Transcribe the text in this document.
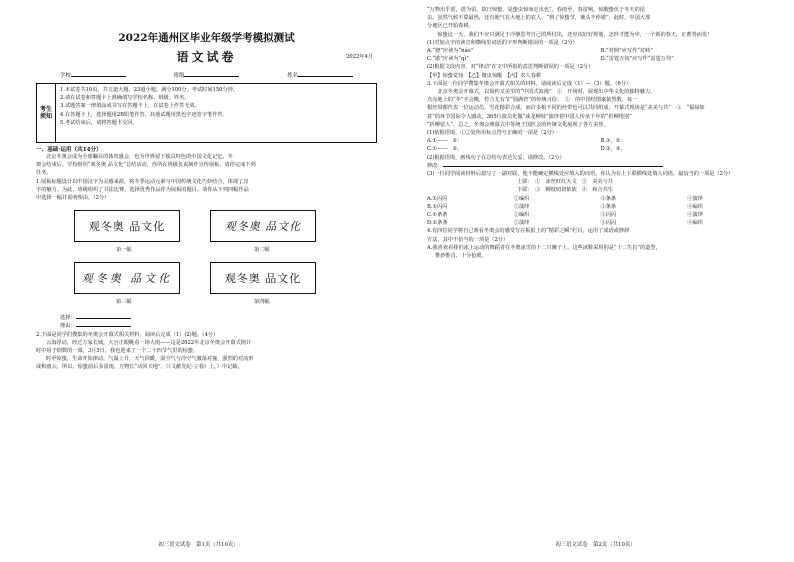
2022年通州区毕业年级学考模拟测试
语文试卷	2022年4月
学校	班级	姓名
考生
须知
1.本试卷共10页，共五道大题，23道小题。满分100分。考试时间150分钟。
2.请在试卷和答题卡上准确填写学校名称、班级、姓名。
3.试题答案一律填涂或书写在答题卡上，在试卷上作答无效。
4.在答题卡上，选择题用2B铅笔作答，其他试题用黑色字迹签字笔作答。
5.考试结束后，请将答题卡交回。
一、基础·运用（共14分）
北京冬奥会成为全球瞩目的体育盛会，也为世界留下独具特色的中国文化记忆。冬
奥会结束后，学校组织“观冬奥 品文化”总结活动，你所在班级负责制作宣传展板，请你完成下列
任务。
1.展板标题设计以中国汉字为灵感来源，将冬季运动元素与中国传统文化巧妙结合，体现了汉
字的魅力。为此，班级组织了书法比赛，选择优秀作品作为展板的题目。请你从下列四幅作品
中选择一幅并说明理由。（2分）
观冬奥 品文化
第一幅
观冬奥 品文化
第二幅
观冬奥 品文化
第三幅
观冬奥 品文化
第四幅
选择：
理由：
2.下面是同学们搜集的冬奥会开幕式相关材料，阅读后完成（1）(2)题。（4分）
云海浮动，经过万家长城，大宫正眼眺看一场大雨——这是2022年北京冬奥会开幕式倒计
时中用于倒数的一幕，3月5日，我也迎来了一个二十四节气里的惊蛰。
时至惊蛰，生命开始律动。气温上升，天气回暖，湿空气与冷空气激荡对撞，强烈的对流形
成积雨云，所以，惊蛰前后多雷雨，万物长“动回天地”。（《文献先纪·立春》上，）中记载，
初三语文试卷　第1页（共10页）
“万物出乎震，震为雷，故曰惊蛰，是蛰虫惊而走出也”。春雨至，春雷响，惊醒蛰伏于冬天的昆
虫。虽然气候不算最热，还有地气在大地上的农人，“到了惊蛰节，锄头不停歇”，此时，中国大部
分地区已开始春耕。
　　惊蛰这一天，我们不应只满足于冷静思考自己的所付出，还应该好好规划，怎样才能为中，一个新的春天，正蓄势而发！
(1)对加点字的读音和横线里词语的字形判断错误的一项是（2分）
A.“挠”应读为“náo”	B.“对倒”应写作“对峙”
C.“歇”应读为“qì”	D.“雷霆万钧”应写作“雷霆万均”
(2)根据文段内容，对“律动”在文中所指的意思判断错误的一项是（2分）
【甲】惊蛰觉知　【乙】微虫惊醒　【丙】农人春耕
3.下面是一位同学搜集冬奥会开幕式相关的材料，请阅读后完成（1）—（3）题。（6分）
　　北京冬奥会开幕式，以简约又美里的“中国式浪漫”　①　开场时，展现出中华文化的独特魅力，
点亮地上的“冬”字会徽，符合尤有节“圆满符”的传统习俗；　②　的中国结图案依然数，每一
根丝带都代表一位运动员，雪花精彩合成，而许多根不同的丝带也可以共同组成；开幕式现场是“美美与共”　③　“福禄如
意”的环节国际令人感动，365位演员化做“成龙柳枝”演绎着中国人传承千年的“折柳惜别”
“折柳留人”。总之，冬奥会開幕式中等统于国医会的传统文化展现了各方美誉。
(1)依据语境，①②处所用标点符号正确的一项是（2分）
A.①——　②：	B.①，②：
C.①——　②，	D.①，②，
(2)根据语境，画线句子在总结句表达欠妥，请修改。（2分）
修改：
(3)一位同学阅读材料后拟写了一副对联，他不能确定横线处应填入的词语。你认为在上下联横线处填入词语，最恰当的一项是（2分）
上联：　①　冰丝旺红大文　②　美美与共
下联：　③　柳枝切切依依　④　和合共生
A.①闪闪	②编织	③条条	④演绎
B.①闪闪	②演绎	③条条	④编织
C.①条条	②编织	③闪闪	④演绎
D.①条条	②演绎	③闪闪	④编织
4.有四位同学将自己观看冬奥会的感受写在板报上的“精彩之瞬”栏目，运用了成语或修辞
方法，其中不恰当的一项是（2分）
A.我喜欢看我们冰上运动的舞蹈者在冬奥冰雪的十二只狮子上，这些冰鞋采用的是“十二生肖”的造型，
惟妙惟肖，十分抢眼。
初三语文试卷　第2页（共10页）
